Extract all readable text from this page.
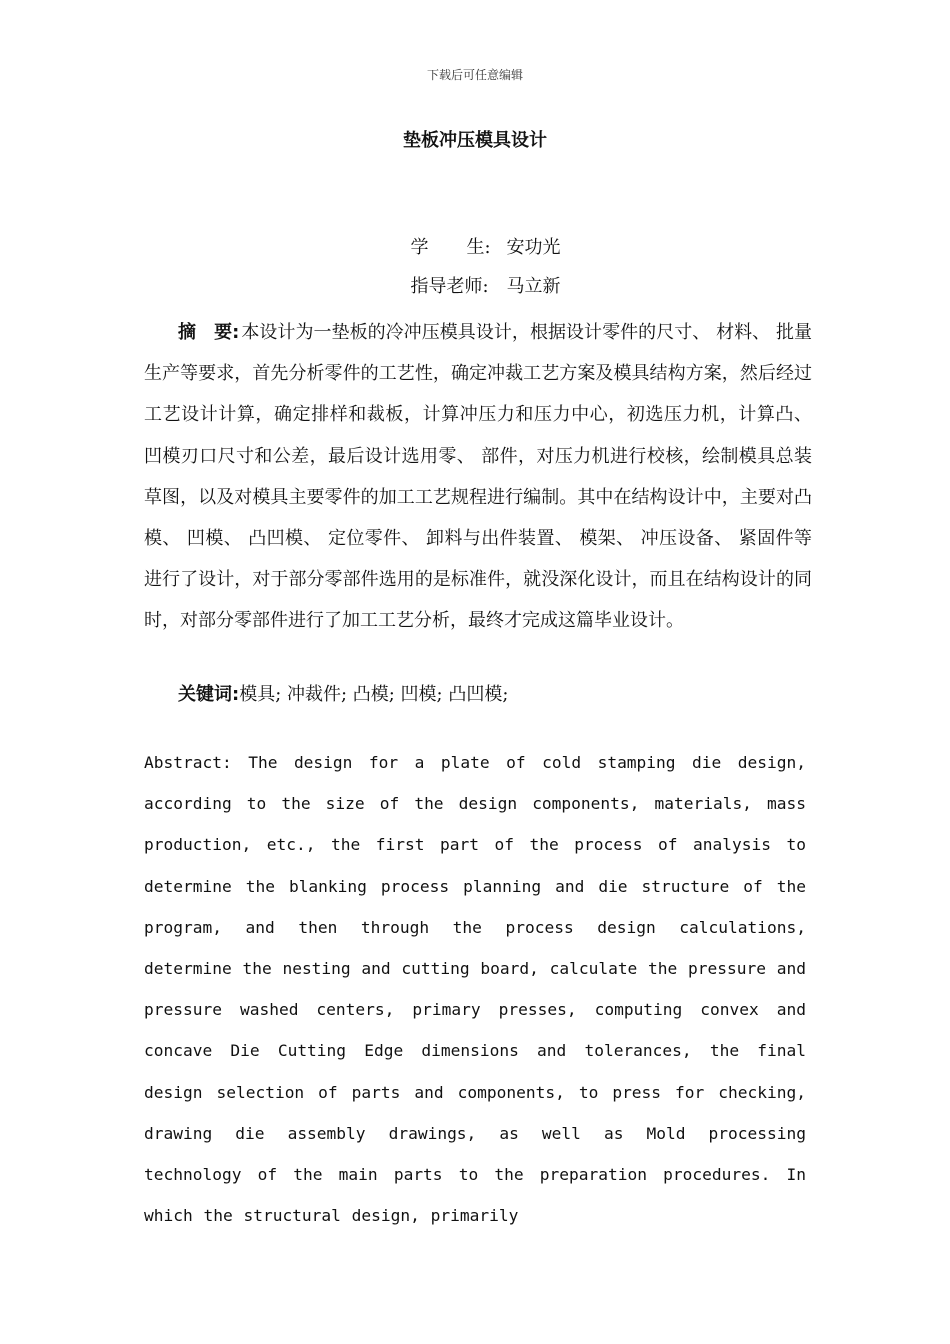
下载后可任意编辑
垫板冲压模具设计

学 生: 安功光

指导老师: 马立新

摘　要: 本设计为一垫板的冷冲压模具设计，根据设计零件的尺寸、 材料、 批量生产等要求，首先分析零件的工艺性，确定冲裁工艺方案及模具结构方案，然后经过工艺设计计算，确定排样和裁板，计算冲压力和压力中心，初选压力机，计算凸、 凹模刃口尺寸和公差，最后设计选用零、 部件，对压力机进行校核，绘制模具总装草图，以及对模具主要零件的加工工艺规程进行编制。其中在结构设计中，主要对凸模、 凹模、 凸凹模、 定位零件、 卸料与出件装置、 模架、 冲压设备、 紧固件等进行了设计，对于部分零部件选用的是标准件，就没深化设计，而且在结构设计的同时，对部分零部件进行了加工工艺分析，最终才完成这篇毕业设计。

关键词:模具; 冲裁件; 凸模; 凹模; 凸凹模;

Abstract: The design for a plate of cold stamping die design, according to the size of the design components, materials, mass production, etc., the first part of the process of analysis to determine the blanking process planning and die structure of the program, and then through the process design calculations, determine the nesting and cutting board, calculate the pressure and pressure washed centers, primary presses, computing convex and concave Die Cutting Edge dimensions and tolerances, the final design selection of parts and components, to press for checking, drawing die assembly drawings, as well as Mold processing technology of the main parts to the preparation procedures. In which the structural design, primarily
